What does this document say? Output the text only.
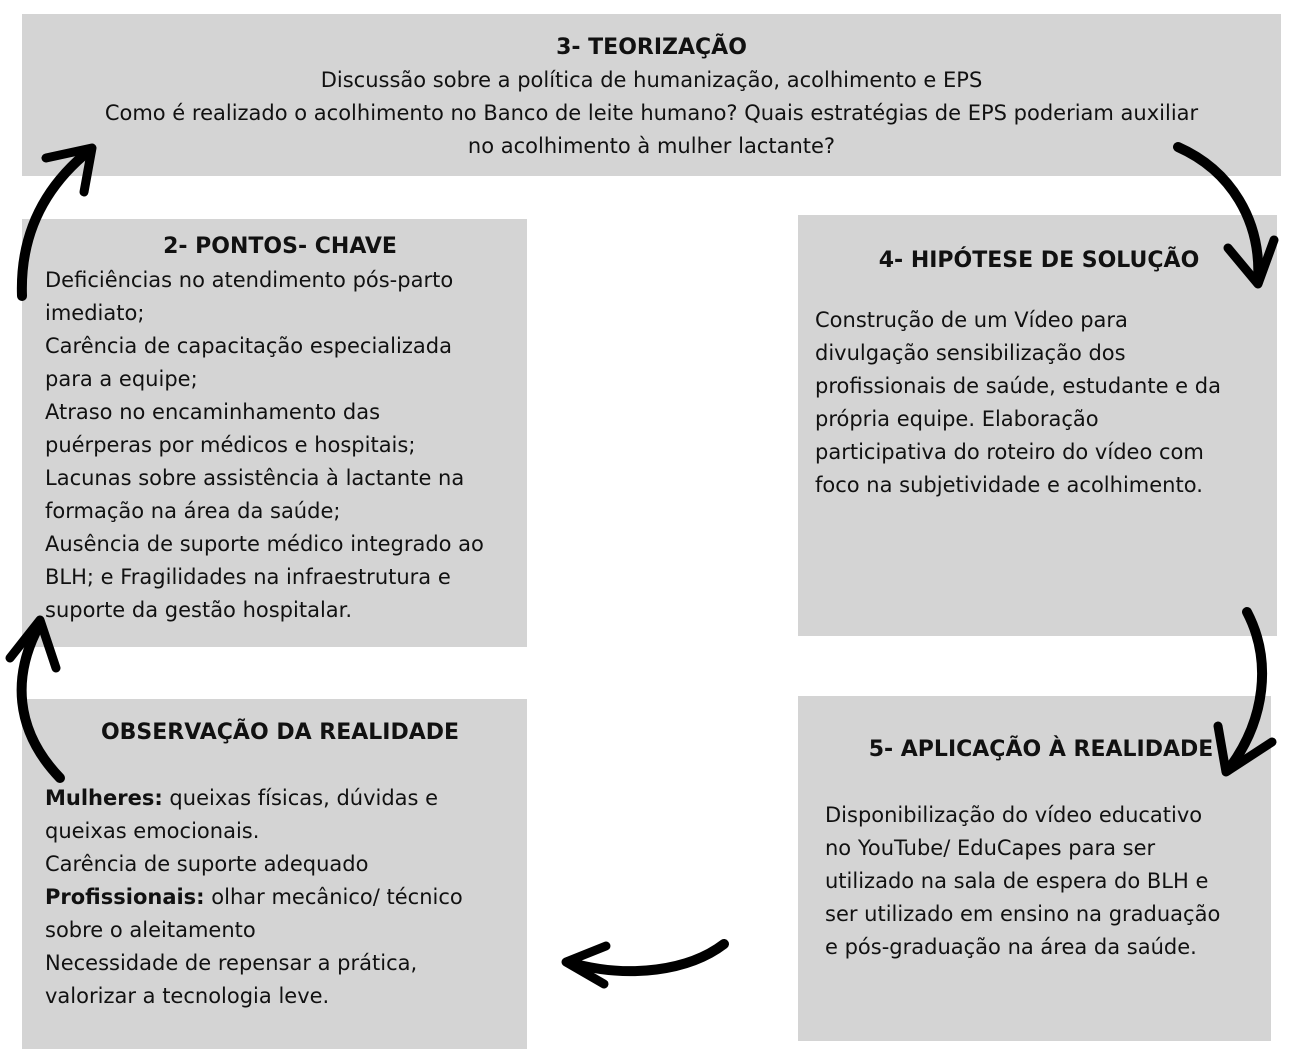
3- TEORIZAÇÃO
Discussão sobre a política de humanização, acolhimento e EPS
Como é realizado o acolhimento no Banco de leite humano? Quais estratégias de EPS poderiam auxiliar
no acolhimento à mulher lactante?
2- PONTOS- CHAVE
Deficiências no atendimento pós-parto
imediato;
Carência de capacitação especializada
para a equipe;
Atraso no encaminhamento das
puérperas por médicos e hospitais;
Lacunas sobre assistência à lactante na
formação na área da saúde;
Ausência de suporte médico integrado ao
BLH; e Fragilidades na infraestrutura e
suporte da gestão hospitalar.
4- HIPÓTESE DE SOLUÇÃO
Construção de um Vídeo para
divulgação sensibilização dos
profissionais de saúde, estudante e da
própria equipe. Elaboração
participativa do roteiro do vídeo com
foco na subjetividade e acolhimento.
OBSERVAÇÃO DA REALIDADE
Mulheres: queixas físicas, dúvidas e
queixas emocionais.
Carência de suporte adequado
Profissionais: olhar mecânico/ técnico
sobre o aleitamento
Necessidade de repensar a prática,
valorizar a tecnologia leve.
5- APLICAÇÃO À REALIDADE
Disponibilização do vídeo educativo
no YouTube/ EduCapes para ser
utilizado na sala de espera do BLH e
ser utilizado em ensino na graduação
e pós-graduação na área da saúde.
